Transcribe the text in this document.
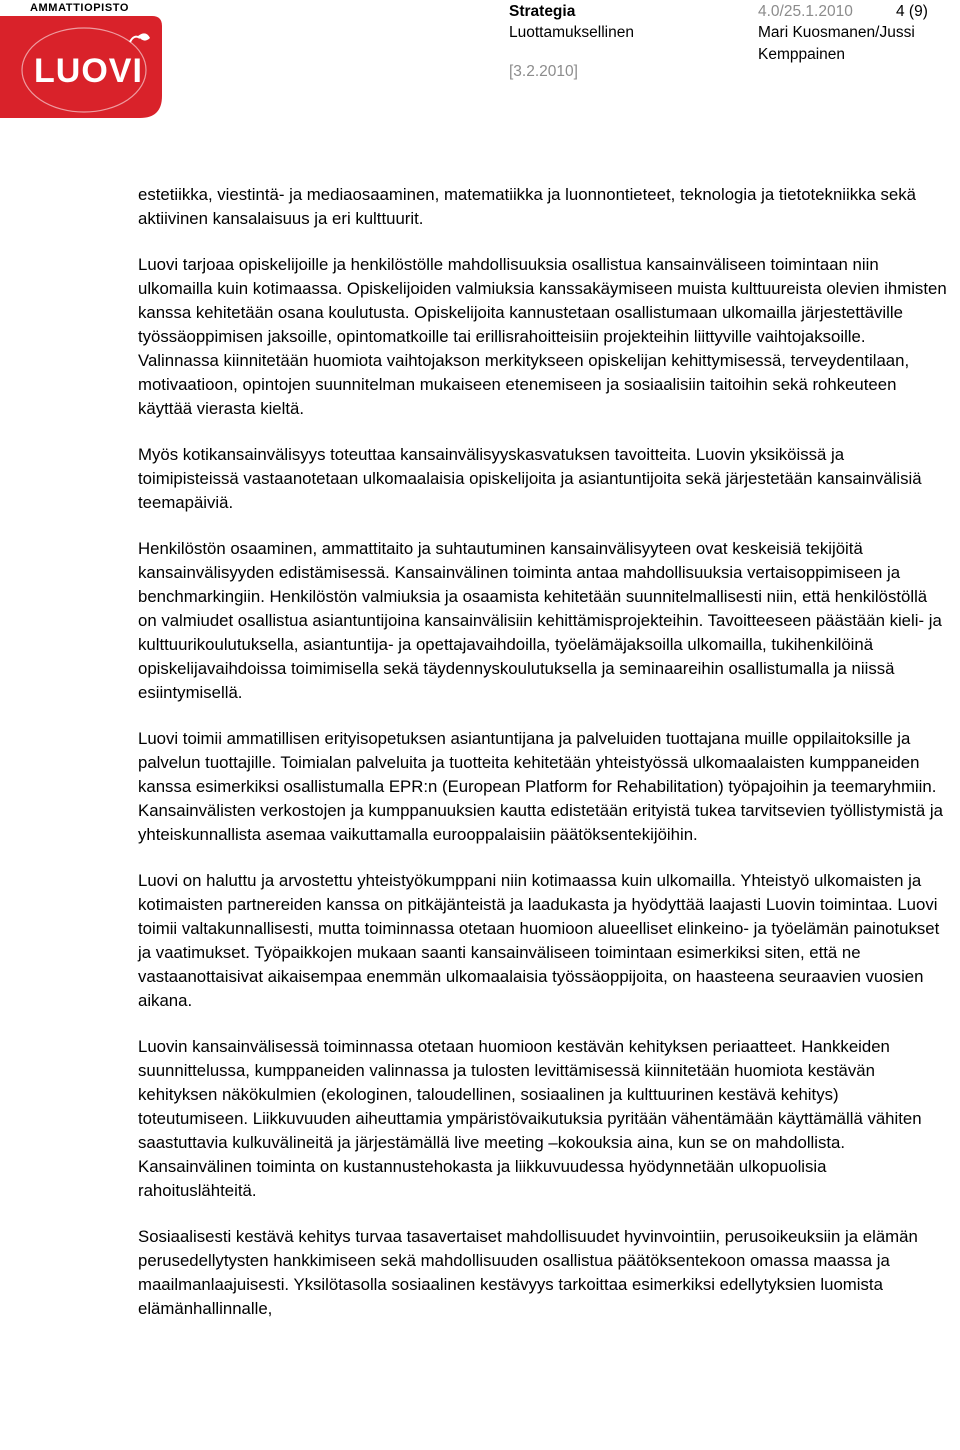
LUOVI
AMMATTIOPISTO	Strategia
Luottamuksellinen
[3.2.2010]
4.0/25.1.2010	4 (9)
Mari Kuosmanen/Jussi Kemppainen

estetiikka, viestintä- ja mediaosaaminen, matematiikka ja luonnontieteet, teknologia ja tietotekniikka sekä aktiivinen kansalaisuus ja eri kulttuurit.

Luovi tarjoaa opiskelijoille ja henkilöstölle mahdollisuuksia osallistua kansainväliseen toimintaan niin ulkomailla kuin kotimaassa. Opiskelijoiden valmiuksia kanssakäymiseen muista kulttuureista olevien ihmisten kanssa kehitetään osana koulutusta. Opiskelijoita kannustetaan osallistumaan ulkomailla järjestettäville työssäoppimisen jaksoille, opintomatkoille tai erillisrahoitteisiin projekteihin liittyville vaihtojaksoille. Valinnassa kiinnitetään huomiota vaihtojakson merkitykseen opiskelijan kehittymisessä, terveydentilaan, motivaatioon, opintojen suunnitelman mukaiseen etenemiseen ja sosiaalisiin taitoihin sekä rohkeuteen käyttää vierasta kieltä.

Myös kotikansainvälisyys toteuttaa kansainvälisyyskasvatuksen tavoitteita. Luovin yksiköissä ja toimipisteissä vastaanotetaan ulkomaalaisia opiskelijoita ja asiantuntijoita sekä järjestetään kansainvälisiä teemapäiviä.

Henkilöstön osaaminen, ammattitaito ja suhtautuminen kansainvälisyyteen ovat keskeisiä tekijöitä kansainvälisyyden edistämisessä. Kansainvälinen toiminta antaa mahdollisuuksia vertaisoppimiseen ja benchmarkingiin. Henkilöstön valmiuksia ja osaamista kehitetään suunnitelmallisesti niin, että henkilöstöllä on valmiudet osallistua asiantuntijoina kansainvälisiin kehittämisprojekteihin. Tavoitteeseen päästään kieli- ja kulttuurikoulutuksella, asiantuntija- ja opettajavaihdoilla, työelämäjaksoilla ulkomailla, tukihenkilöinä opiskelijavaihdoissa toimimisella sekä täydennyskoulutuksella ja seminaareihin osallistumalla ja niissä esiintymisellä.

Luovi toimii ammatillisen erityisopetuksen asiantuntijana ja palveluiden tuottajana muille oppilaitoksille ja palvelun tuottajille. Toimialan palveluita ja tuotteita kehitetään yhteistyössä ulkomaalaisten kumppaneiden kanssa esimerkiksi osallistumalla EPR:n (European Platform for Rehabilitation) työpajoihin ja teemaryhmiin. Kansainvälisten verkostojen ja kumppanuuksien kautta edistetään erityistä tukea tarvitsevien työllistymistä ja yhteiskunnallista asemaa vaikuttamalla eurooppalaisiin päätöksentekijöihin.

Luovi on haluttu ja arvostettu yhteistyökumppani niin kotimaassa kuin ulkomailla. Yhteistyö ulkomaisten ja kotimaisten partnereiden kanssa on pitkäjänteistä ja laadukasta ja hyödyttää laajasti Luovin toimintaa. Luovi toimii valtakunnallisesti, mutta toiminnassa otetaan huomioon alueelliset elinkeino- ja työelämän painotukset ja vaatimukset. Työpaikkojen mukaan saanti kansainväliseen toimintaan esimerkiksi siten, että ne vastaanottaisivat aikaisempaa enemmän ulkomaalaisia työssäoppijoita, on haasteena seuraavien vuosien aikana.

Luovin kansainvälisessä toiminnassa otetaan huomioon kestävän kehityksen periaatteet. Hankkeiden suunnittelussa, kumppaneiden valinnassa ja tulosten levittämisessä kiinnitetään huomiota kestävän kehityksen näkökulmien (ekologinen, taloudellinen, sosiaalinen ja kulttuurinen kestävä kehitys) toteutumiseen. Liikkuvuuden aiheuttamia ympäristövaikutuksia pyritään vähentämään käyttämällä vähiten saastuttavia kulkuvälineitä ja järjestämällä live meeting –kokouksia aina, kun se on mahdollista. Kansainvälinen toiminta on kustannustehokasta ja liikkuvuudessa hyödynnetään ulkopuolisia rahoituslähteitä.

Sosiaalisesti kestävä kehitys turvaa tasavertaiset mahdollisuudet hyvinvointiin, perusoikeuksiin ja elämän perusedellytysten hankkimiseen sekä mahdollisuuden osallistua päätöksentekoon omassa maassa ja maailmanlaajuisesti. Yksilötasolla sosiaalinen kestävyys tarkoittaa esimerkiksi edellytyksien luomista elämänhallinnalle,
